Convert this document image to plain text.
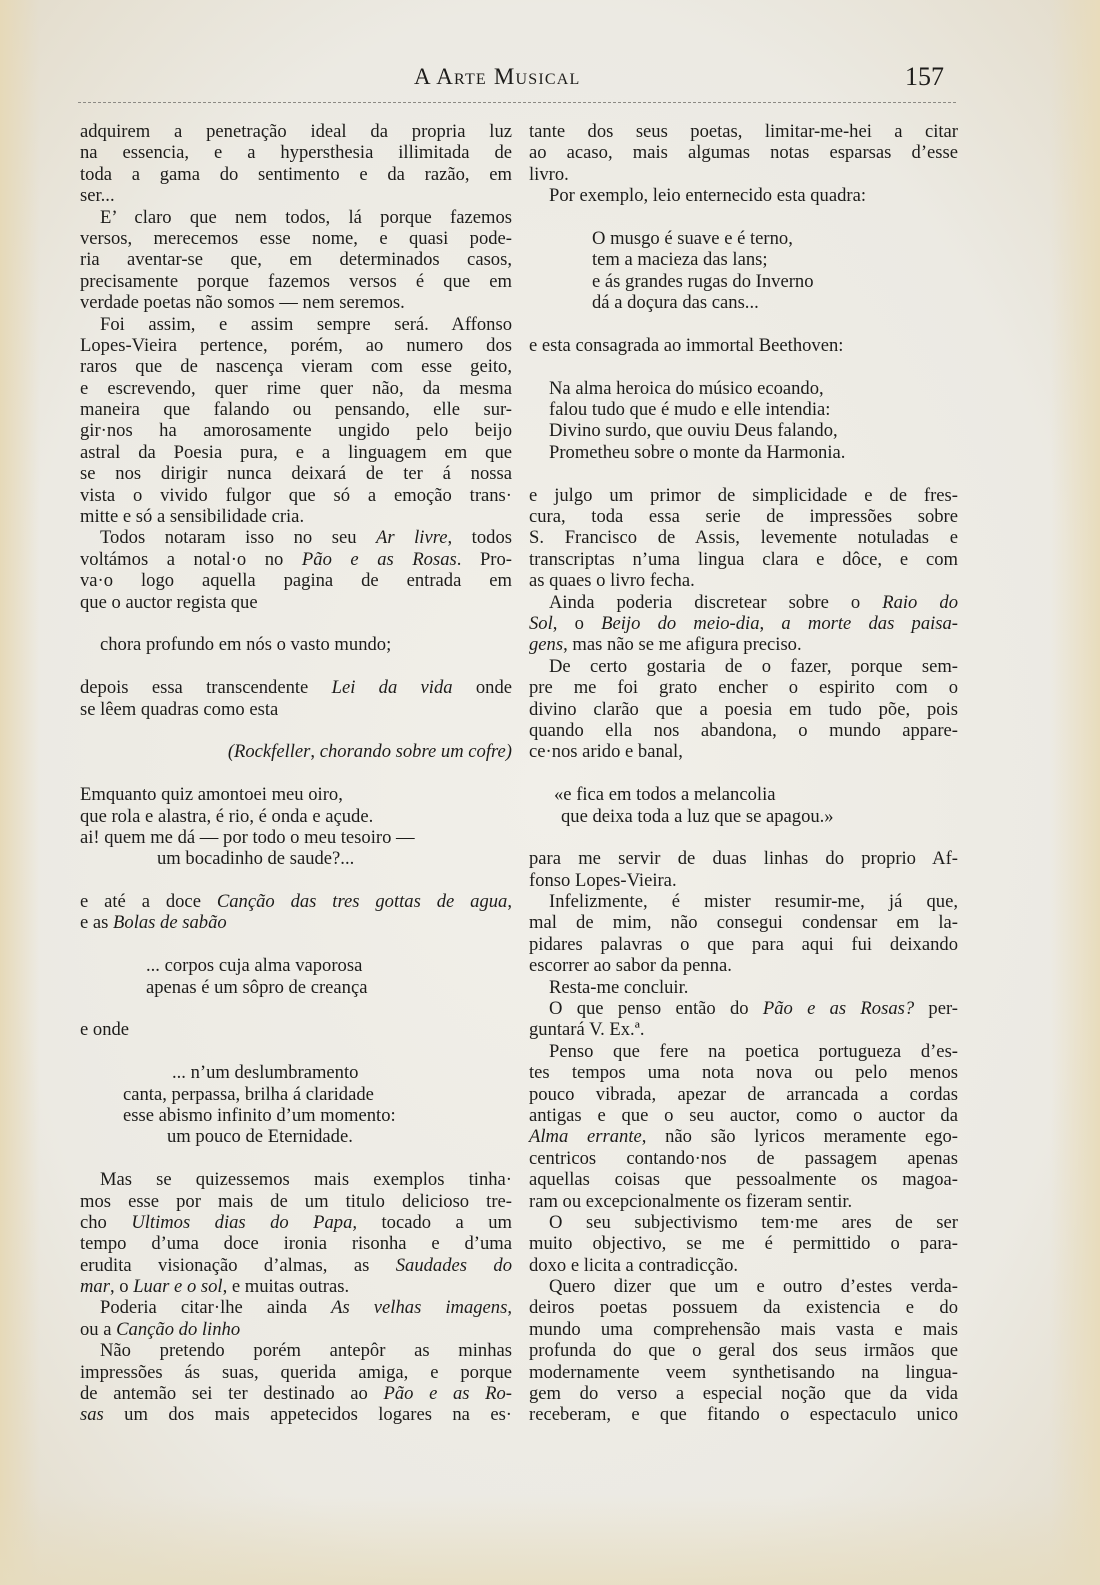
A Arte Musical	157
adquirem a penetração ideal da propria luz
na essencia, e a hypersthesia illimitada de
toda a gama do sentimento e da razão, em
ser...
E’ claro que nem todos, lá porque fazemos
versos, merecemos esse nome, e quasi pode-
ria aventar-se que, em determinados casos,
precisamente porque fazemos versos é que em
verdade poetas não somos — nem seremos.
Foi assim, e assim sempre será. Affonso
Lopes-Vieira pertence, porém, ao numero dos
raros que de nascença vieram com esse geito,
e escrevendo, quer rime quer não, da mesma
maneira que falando ou pensando, elle sur-
gir·nos ha amorosamente ungido pelo beijo
astral da Poesia pura, e a linguagem em que
se nos dirigir nunca deixará de ter á nossa
vista o vivido fulgor que só a emoção trans·
mitte e só a sensibilidade cria.
Todos notaram isso no seu Ar livre, todos
voltámos a notal·o no Pão e as Rosas. Pro-
va·o logo aquella pagina de entrada em
que o auctor regista que
chora profundo em nós o vasto mundo;
depois essa transcendente Lei da vida onde
se lêem quadras como esta
(Rockfeller, chorando sobre um cofre)
Emquanto quiz amontoei meu oiro,
que rola e alastra, é rio, é onda e açude.
ai! quem me dá — por todo o meu tesoiro —
um bocadinho de saude?...
e até a doce Canção das tres gottas de agua,
e as Bolas de sabão
... corpos cuja alma vaporosa
apenas é um sôpro de creança
e onde
... n’um deslumbramento
canta, perpassa, brilha á claridade
esse abismo infinito d’um momento:
um pouco de Eternidade.
Mas se quizessemos mais exemplos tinha·
mos esse por mais de um titulo delicioso tre-
cho Ultimos dias do Papa, tocado a um
tempo d’uma doce ironia risonha e d’uma
erudita visionação d’almas, as Saudades do
mar, o Luar e o sol, e muitas outras.
Poderia citar·lhe ainda As velhas imagens,
ou a Canção do linho
Não pretendo porém antepôr as minhas
impressões ás suas, querida amiga, e porque
de antemão sei ter destinado ao Pão e as Ro-
sas um dos mais appetecidos logares na es·
tante dos seus poetas, limitar-me-hei a citar
ao acaso, mais algumas notas esparsas d’esse
livro.
Por exemplo, leio enternecido esta quadra:
O musgo é suave e é terno,
tem a macieza das lans;
e ás grandes rugas do Inverno
dá a doçura das cans...
e esta consagrada ao immortal Beethoven:
Na alma heroica do músico ecoando,
falou tudo que é mudo e elle intendia:
Divino surdo, que ouviu Deus falando,
Prometheu sobre o monte da Harmonia.
e julgo um primor de simplicidade e de fres-
cura, toda essa serie de impressões sobre
S. Francisco de Assis, levemente notuladas e
transcriptas n’uma lingua clara e dôce, e com
as quaes o livro fecha.
Ainda poderia discretear sobre o Raio do
Sol, o Beijo do meio-dia, a morte das paisa-
gens, mas não se me afigura preciso.
De certo gostaria de o fazer, porque sem-
pre me foi grato encher o espirito com o
divino clarão que a poesia em tudo põe, pois
quando ella nos abandona, o mundo appare-
ce·nos arido e banal,
«e fica em todos a melancolia
que deixa toda a luz que se apagou.»
para me servir de duas linhas do proprio Af-
fonso Lopes-Vieira.
Infelizmente, é mister resumir-me, já que,
mal de mim, não consegui condensar em la-
pidares palavras o que para aqui fui deixando
escorrer ao sabor da penna.
Resta-me concluir.
O que penso então do Pão e as Rosas? per-
guntará V. Ex.ª.
Penso que fere na poetica portugueza d’es-
tes tempos uma nota nova ou pelo menos
pouco vibrada, apezar de arrancada a cordas
antigas e que o seu auctor, como o auctor da
Alma errante, não são lyricos meramente ego-
centricos contando·nos de passagem apenas
aquellas coisas que pessoalmente os magoa-
ram ou excepcionalmente os fizeram sentir.
O seu subjectivismo tem·me ares de ser
muito objectivo, se me é permittido o para-
doxo e licita a contradicção.
Quero dizer que um e outro d’estes verda-
deiros poetas possuem da existencia e do
mundo uma comprehensão mais vasta e mais
profunda do que o geral dos seus irmãos que
modernamente veem synthetisando na lingua-
gem do verso a especial noção que da vida
receberam, e que fitando o espectaculo unico
